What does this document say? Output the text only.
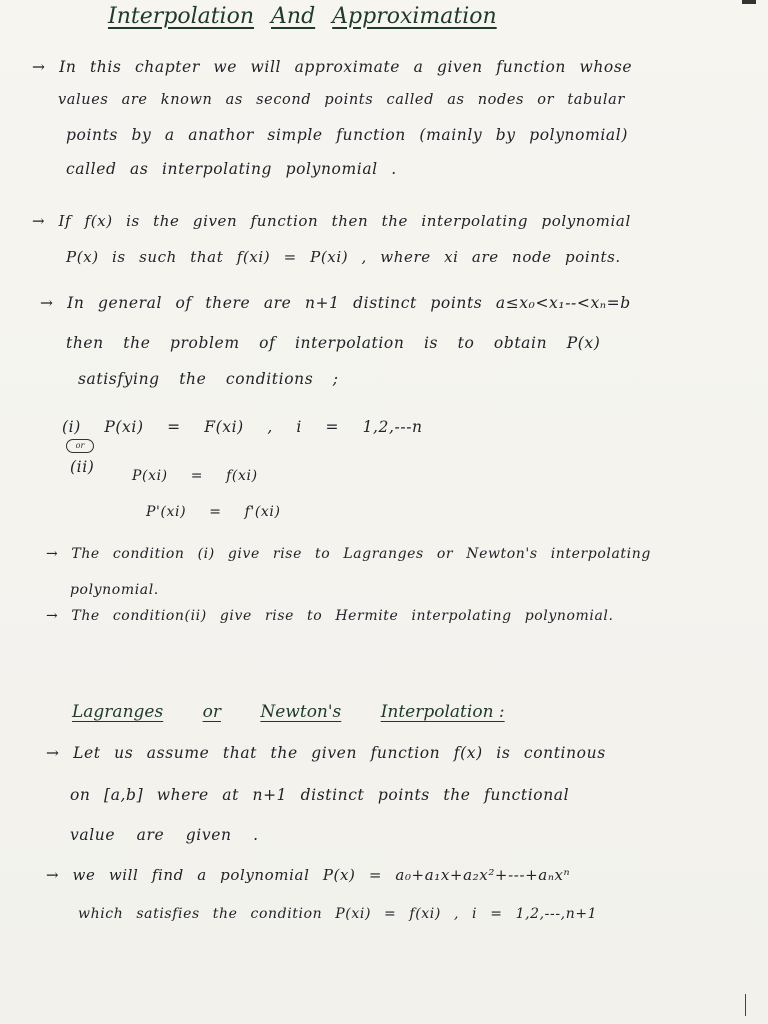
Interpolation And Approximation
→ In this chapter we will approximate a given function whose
values are known as second points called as nodes or tabular
points by a anathor simple function (mainly by polynomial)
called as interpolating polynomial .
→ If f(x) is the given function then the interpolating polynomial
P(x) is such that f(xi) = P(xi) , where xi are node points.
→ In general of there are n+1 distinct points a≤x₀<x₁--<xₙ=b
then the problem of interpolation is to obtain P(x)
satisfying the conditions ;
(i) P(xi) = F(xi) , i = 1,2,---n
or
(ii)	P(xi) = f(xi)
P'(xi) = f'(xi)
→ The condition (i) give rise to Lagranges or Newton's interpolating
polynomial.
→ The condition(ii) give rise to Hermite interpolating polynomial.
Lagranges or Newton's Interpolation :
→ Let us assume that the given function f(x) is continous
on [a,b] where at n+1 distinct points the functional
value are given .
→ we will find a polynomial P(x) = a₀+a₁x+a₂x²+---+aₙxⁿ
which satisfies the condition P(xi) = f(xi) , i = 1,2,---,n+1
